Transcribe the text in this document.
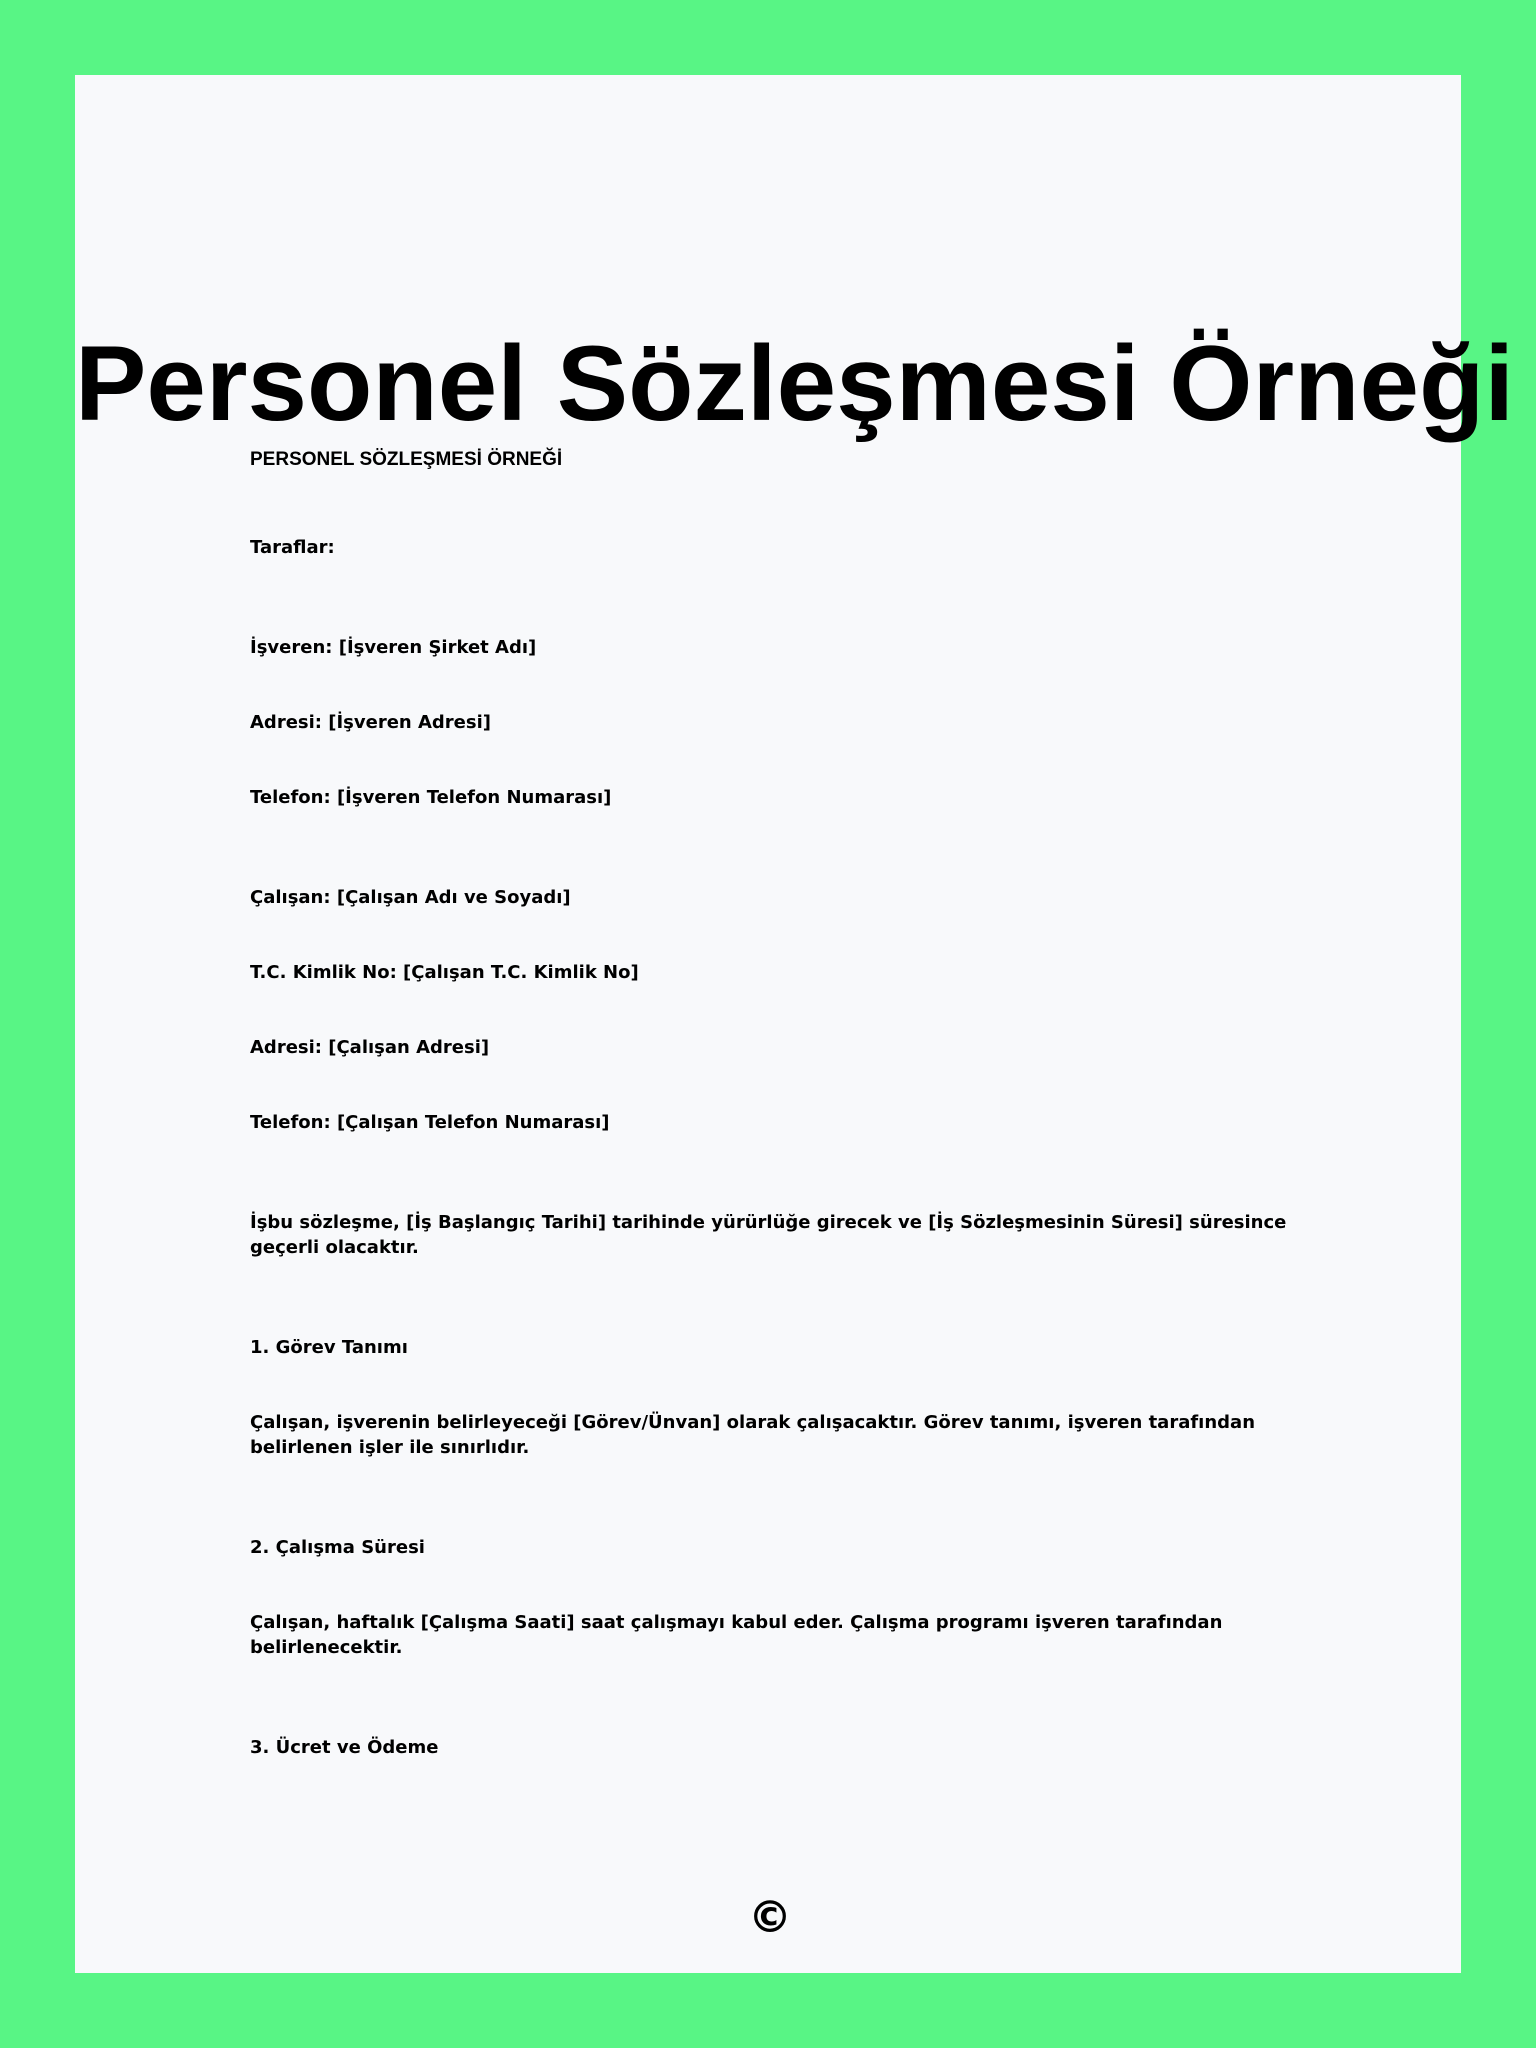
Personel Sözleşmesi Örneği

PERSONEL SÖZLEŞMESİ ÖRNEĞİ

Taraflar:

İşveren: [İşveren Şirket Adı]

Adresi: [İşveren Adresi]

Telefon: [İşveren Telefon Numarası]

Çalışan: [Çalışan Adı ve Soyadı]

T.C. Kimlik No: [Çalışan T.C. Kimlik No]

Adresi: [Çalışan Adresi]

Telefon: [Çalışan Telefon Numarası]

İşbu sözleşme, [İş Başlangıç Tarihi] tarihinde yürürlüğe girecek ve [İş Sözleşmesinin Süresi] süresince geçerli olacaktır.

1. Görev Tanımı

Çalışan, işverenin belirleyeceği [Görev/Ünvan] olarak çalışacaktır. Görev tanımı, işveren tarafından belirlenen işler ile sınırlıdır.

2. Çalışma Süresi

Çalışan, haftalık [Çalışma Saati] saat çalışmayı kabul eder. Çalışma programı işveren tarafından belirlenecektir.

3. Ücret ve Ödeme

©
